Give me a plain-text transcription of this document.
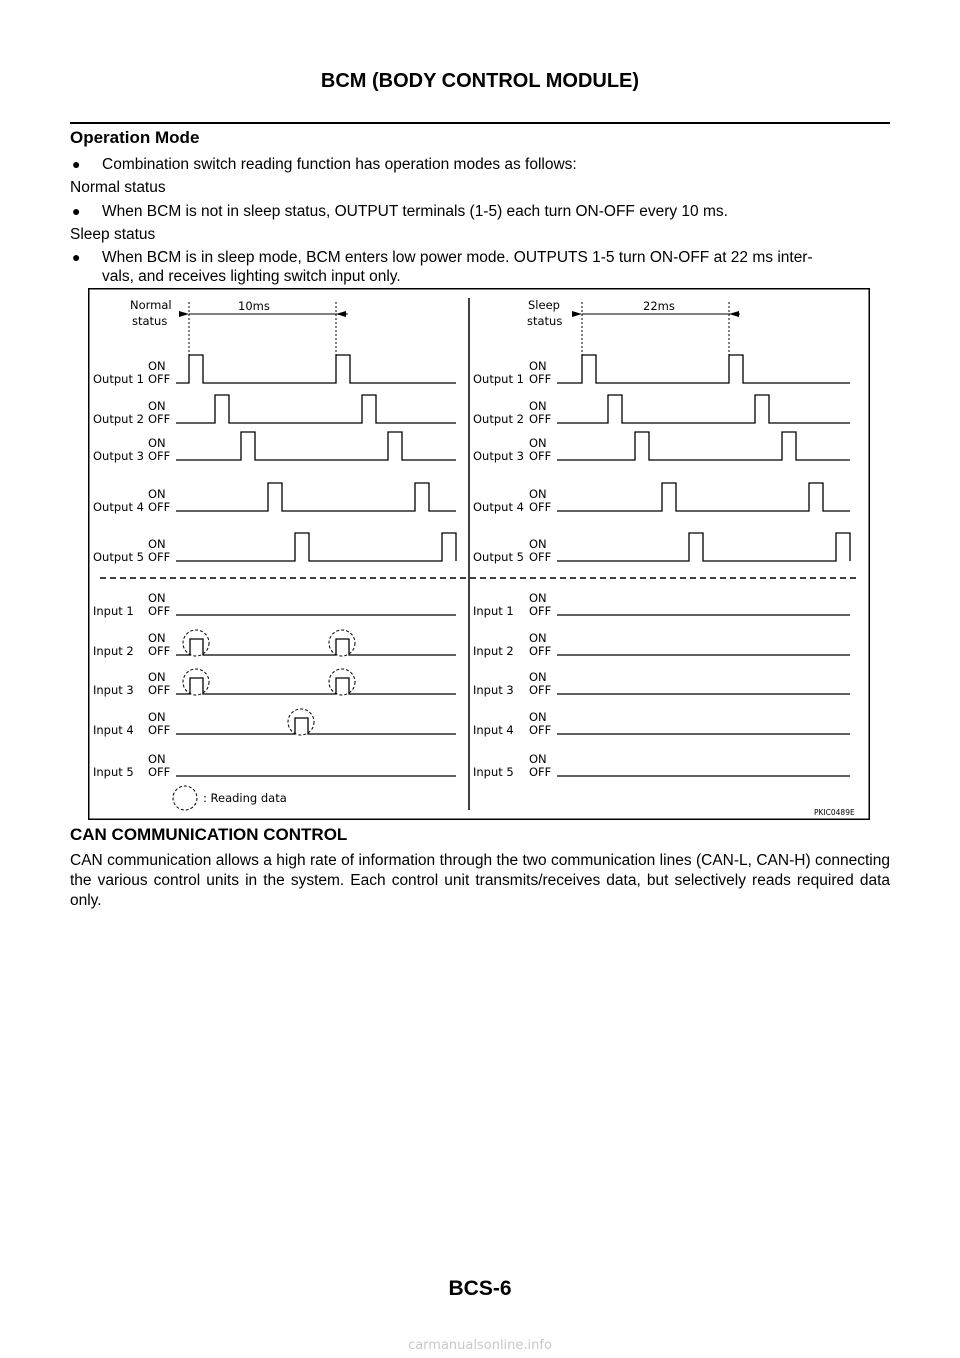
BCM (BODY CONTROL MODULE)
Operation Mode
● Combination switch reading function has operation modes as follows:
Normal status
● When BCM is not in sleep status, OUTPUT terminals (1-5) each turn ON-OFF every 10 ms.
Sleep status
● When BCM is in sleep mode, BCM enters low power mode. OUTPUTS 1-5 turn ON-OFF at 22 ms inter-
vals, and receives lighting switch input only.
Normal
status
10ms	Sleep
status
22ms
: Reading data
PKIC0489E
Output 1
ON
OFF	Output 1
ON
OFF
Output 2
ON
OFF	Output 2
ON
OFF
Output 3
ON
OFF	Output 3
ON
OFF
Output 4
ON
OFF	Output 4
ON
OFF
Output 5
ON
OFF	Output 5
ON
OFF
Input 1
ON
OFF	Input 1
ON
OFF
Input 2
ON
OFF	Input 2
ON
OFF
Input 3
ON
OFF	Input 3
ON
OFF
Input 4
ON
OFF	Input 4
ON
OFF
Input 5
ON
OFF	Input 5
ON
OFF
CAN COMMUNICATION CONTROL
CAN communication allows a high rate of information through the two communication lines (CAN-L, CAN-H) connecting the various control units in the system. Each control unit transmits/receives data, but selectively reads required data only.
BCS-6
carmanualsonline.info
